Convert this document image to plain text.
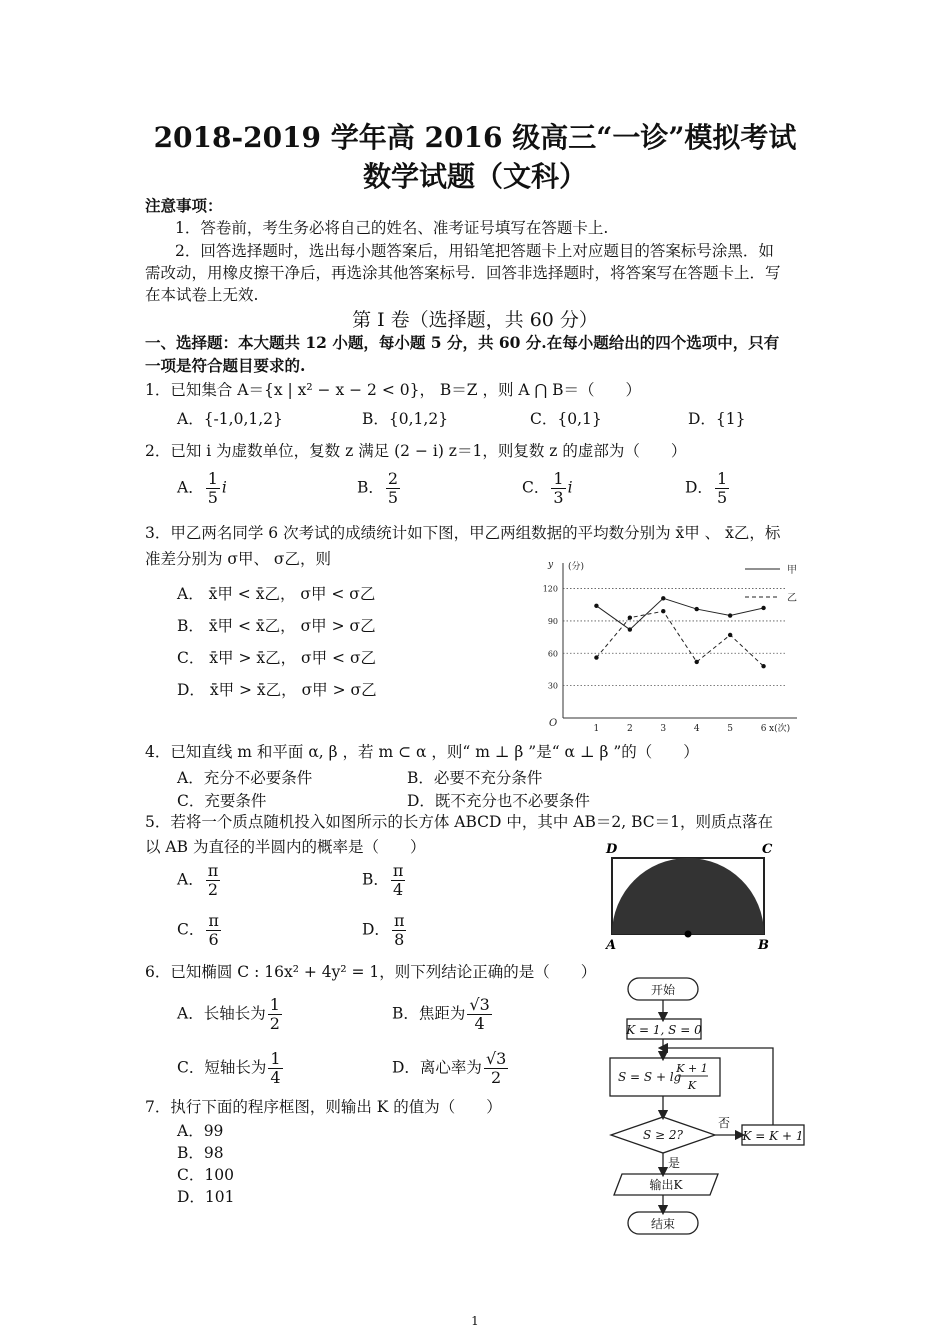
2018-2019 学年高 2016 级高三“一诊”模拟考试
数学试题（文科）
注意事项：
1．答卷前，考生务必将自己的姓名、准考证号填写在答题卡上.
2．回答选择题时，选出每小题答案后，用铅笔把答题卡上对应题目的答案标号涂黑．如
需改动，用橡皮擦干净后，再选涂其他答案标号．回答非选择题时，将答案写在答题卡上．写
在本试卷上无效.
第 I 卷（选择题，共 60 分）
一、选择题：本大题共 12 小题，每小题 5 分，共 60 分.在每小题给出的四个选项中，只有
一项是符合题目要求的.
1．已知集合 A＝{x | x² − x − 2 < 0}， B＝Z ，则 A ⋂ B＝（　　）
A．{-1,0,1,2}	B．{0,1,2}	C．{0,1}	D．{1}
2．已知 i 为虚数单位，复数 z 满足 (2 − i) z＝1，则复数 z 的虚部为（　　）
A． $\frac{1}{5}$ i	B． $\frac{2}{5}$	C． $\frac{1}{3}$ i	D． $\frac{1}{5}$
3．甲乙两名同学 6 次考试的成绩统计如下图，甲乙两组数据的平均数分别为 x̄甲 、 x̄乙，标
准差分别为 σ甲、 σ乙，则
A． x̄甲 < x̄乙， σ甲 < σ乙
B． x̄甲 < x̄乙， σ甲 > σ乙
C． x̄甲 > x̄乙， σ甲 < σ乙
D． x̄甲 > x̄乙， σ甲 > σ乙	30
60
90
120
1	2	3	4	5	6
O
y (分)
x(次)
甲
乙
4．已知直线 m 和平面 α, β ，若 m ⊂ α ，则“ m ⊥ β ”是“ α ⊥ β ”的（　　）
A．充分不必要条件	B．必要不充分条件
C．充要条件	D．既不充分也不必要条件
5．若将一个质点随机投入如图所示的长方体 ABCD 中，其中 AB＝2, BC＝1，则质点落在
以 AB 为直径的半圆内的概率是（　　）
A． $\frac{\pi}{2}$	B． $\frac{\pi}{4}$
C． $\frac{\pi}{6}$	D． $\frac{\pi}{8}$
D	C
A	B
6．已知椭圆 C : 16x² + 4y² = 1，则下列结论正确的是（　　）
A．长轴长为 $\frac{1}{2}$	B．焦距为 $\frac{√3}{4}$
C．短轴长为 $\frac{1}{4}$	D．离心率为 $\frac{√3}{2}$
7．执行下面的程序框图，则输出 K 的值为（　　）
A．99
B．98
C．100
D．101
开始
K = 1, S = 0
S = S + lg
K + 1
K
S ≥ 2?
否
K = K + 1
是
输出K
结束
1
